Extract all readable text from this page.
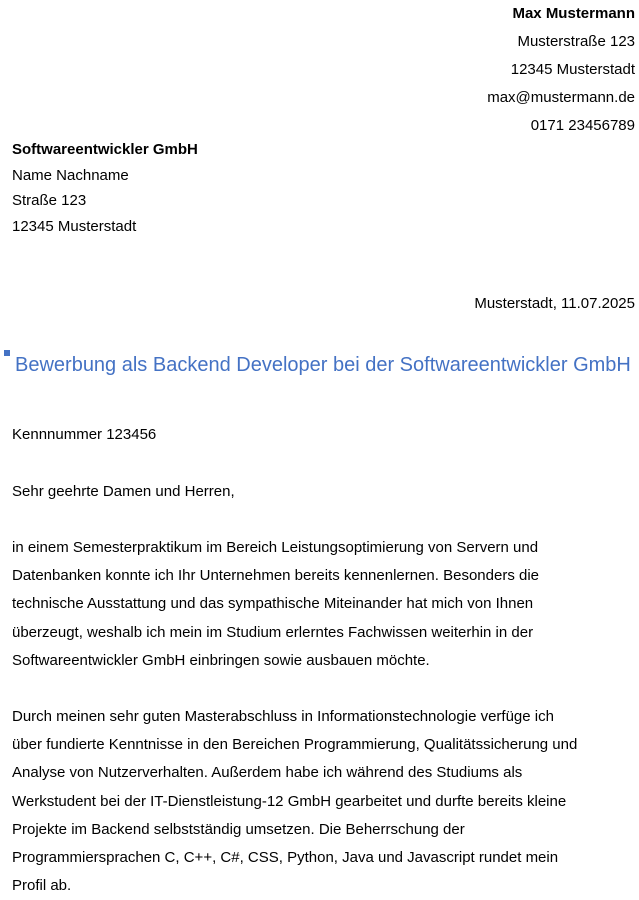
Max Mustermann
Musterstraße 123
12345 Musterstadt
max@mustermann.de
0171 23456789
Softwareentwickler GmbH
Name Nachname
Straße 123
12345 Musterstadt
Musterstadt, 11.07.2025
Bewerbung als Backend Developer bei der Softwareentwickler GmbH
Kennnummer 123456
Sehr geehrte Damen und Herren,

in einem Semesterpraktikum im Bereich Leistungsoptimierung von Servern und
Datenbanken konnte ich Ihr Unternehmen bereits kennenlernen. Besonders die
technische Ausstattung und das sympathische Miteinander hat mich von Ihnen
überzeugt, weshalb ich mein im Studium erlerntes Fachwissen weiterhin in der
Softwareentwickler GmbH einbringen sowie ausbauen möchte.

Durch meinen sehr guten Masterabschluss in Informationstechnologie verfüge ich
über fundierte Kenntnisse in den Bereichen Programmierung, Qualitätssicherung und
Analyse von Nutzerverhalten. Außerdem habe ich während des Studiums als
Werkstudent bei der IT-Dienstleistung-12 GmbH gearbeitet und durfte bereits kleine
Projekte im Backend selbstständig umsetzen. Die Beherrschung der
Programmiersprachen C, C++, C#, CSS, Python, Java und Javascript rundet mein
Profil ab.
